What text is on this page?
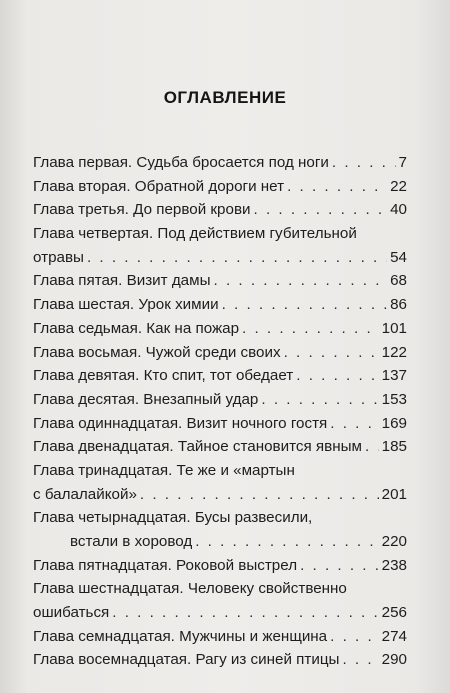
ОГЛАВЛЕНИЕ
Глава первая. Судьба бросается под ноги . . .	7
Глава вторая. Обратной дороги нет . . .	22
Глава третья. До первой крови . . .	40
Глава четвертая. Под действием губительной
отравы . . .	54
Глава пятая. Визит дамы . . .	68
Глава шестая. Урок химии . . .	86
Глава седьмая. Как на пожар . . .	101
Глава восьмая. Чужой среди своих . . .	122
Глава девятая. Кто спит, тот обедает . . .	137
Глава десятая. Внезапный удар . . .	153
Глава одиннадцатая. Визит ночного гостя . . .	169
Глава двенадцатая. Тайное становится явным . . . 185
Глава тринадцатая. Те же и «мартын
с балалайкой» . . .	201
Глава четырнадцатая. Бусы развесили,
встали в хоровод . . .	220
Глава пятнадцатая. Роковой выстрел . . .	238
Глава шестнадцатая. Человеку свойственно
ошибаться . . .	256
Глава семнадцатая. Мужчины и женщина . . .	274
Глава восемнадцатая. Рагу из синей птицы . . .	290
